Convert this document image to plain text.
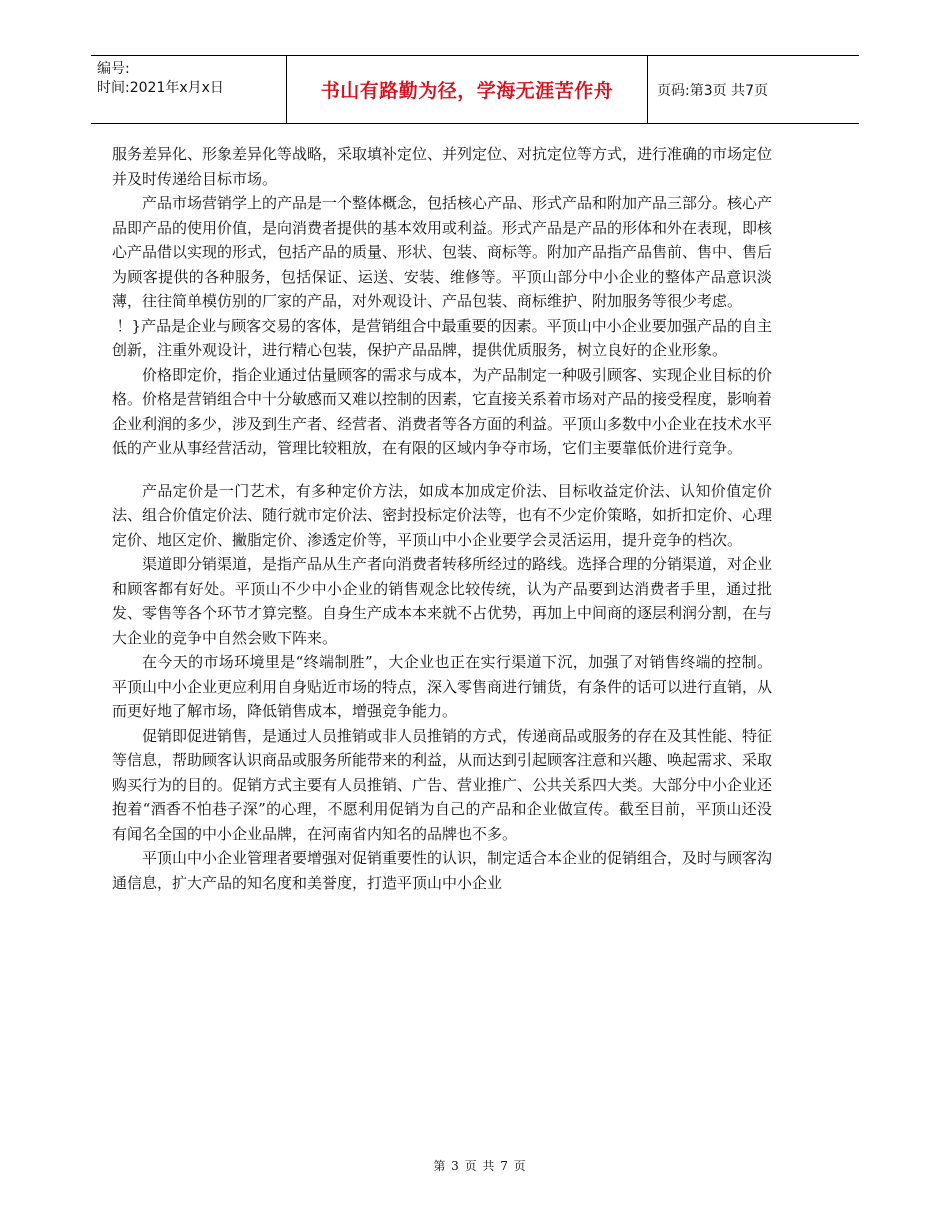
编号:
时间:2021年x月x日	书山有路勤为径，学海无涯苦作舟	页码:第3页 共7页

服务差异化、形象差异化等战略，采取填补定位、并列定位、对抗定位等方式，进行准确的市场定位并及时传递给目标市场。

产品市场营销学上的产品是一个整体概念，包括核心产品、形式产品和附加产品三部分。核心产品即产品的使用价值，是向消费者提供的基本效用或利益。形式产品是产品的形体和外在表现，即核心产品借以实现的形式，包括产品的质量、形状、包装、商标等。附加产品指产品售前、售中、售后为顾客提供的各种服务，包括保证、运送、安装、维修等。平顶山部分中小企业的整体产品意识淡薄，往往简单模仿别的厂家的产品，对外观设计、产品包装、商标维护、附加服务等很少考虑。

！}产品是企业与顾客交易的客体，是营销组合中最重要的因素。平顶山中小企业要加强产品的自主创新，注重外观设计，进行精心包装，保护产品品牌，提供优质服务，树立良好的企业形象。

价格即定价，指企业通过估量顾客的需求与成本，为产品制定一种吸引顾客、实现企业目标的价格。价格是营销组合中十分敏感而又难以控制的因素，它直接关系着市场对产品的接受程度，影响着企业利润的多少，涉及到生产者、经营者、消费者等各方面的利益。平顶山多数中小企业在技术水平低的产业从事经营活动，管理比较粗放，在有限的区域内争夺市场，它们主要靠低价进行竞争。

产品定价是一门艺术，有多种定价方法，如成本加成定价法、目标收益定价法、认知价值定价法、组合价值定价法、随行就市定价法、密封投标定价法等，也有不少定价策略，如折扣定价、心理定价、地区定价、撇脂定价、渗透定价等，平顶山中小企业要学会灵活运用，提升竞争的档次。

渠道即分销渠道，是指产品从生产者向消费者转移所经过的路线。选择合理的分销渠道，对企业和顾客都有好处。平顶山不少中小企业的销售观念比较传统，认为产品要到达消费者手里，通过批发、零售等各个环节才算完整。自身生产成本本来就不占优势，再加上中间商的逐层利润分割，在与大企业的竞争中自然会败下阵来。

在今天的市场环境里是“终端制胜”，大企业也正在实行渠道下沉，加强了对销售终端的控制。平顶山中小企业更应利用自身贴近市场的特点，深入零售商进行铺货，有条件的话可以进行直销，从而更好地了解市场，降低销售成本，增强竞争能力。

促销即促进销售，是通过人员推销或非人员推销的方式，传递商品或服务的存在及其性能、特征等信息，帮助顾客认识商品或服务所能带来的利益，从而达到引起顾客注意和兴趣、唤起需求、采取购买行为的目的。促销方式主要有人员推销、广告、营业推广、公共关系四大类。大部分中小企业还抱着“酒香不怕巷子深”的心理，不愿利用促销为自己的产品和企业做宣传。截至目前，平顶山还没有闻名全国的中小企业品牌，在河南省内知名的品牌也不多。

平顶山中小企业管理者要增强对促销重要性的认识，制定适合本企业的促销组合，及时与顾客沟通信息，扩大产品的知名度和美誉度，打造平顶山中小企业

第 3 页 共 7 页
